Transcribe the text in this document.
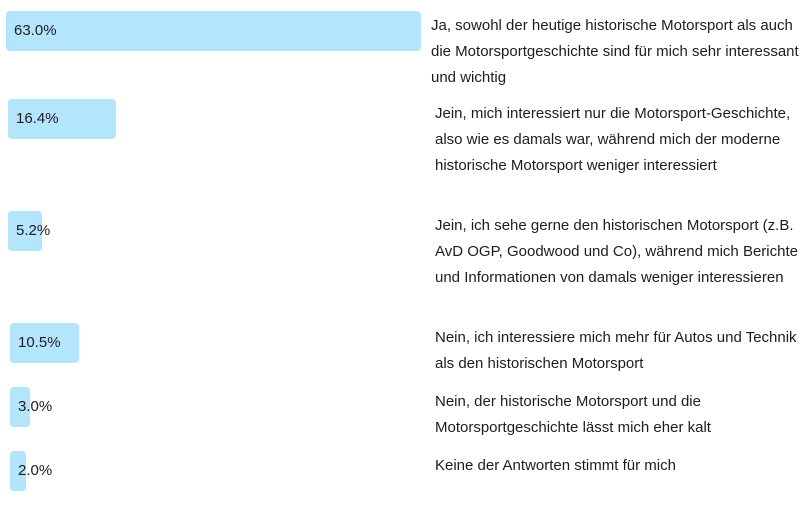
63.0%	Ja, sowohl der heutige historische Motorsport als auch die Motorsportgeschichte sind für mich sehr interessant und wichtig
16.4%	Jein, mich interessiert nur die Motorsport-Geschichte, also wie es damals war, während mich der moderne historische Motorsport weniger interessiert
5.2%	Jein, ich sehe gerne den historischen Motorsport (z.B. AvD OGP, Goodwood und Co), während mich Berichte und Informationen von damals weniger interessieren
10.5%	Nein, ich interessiere mich mehr für Autos und Technik als den historischen Motorsport
3.0%	Nein, der historische Motorsport und die Motorsportgeschichte lässt mich eher kalt
2.0%	Keine der Antworten stimmt für mich
